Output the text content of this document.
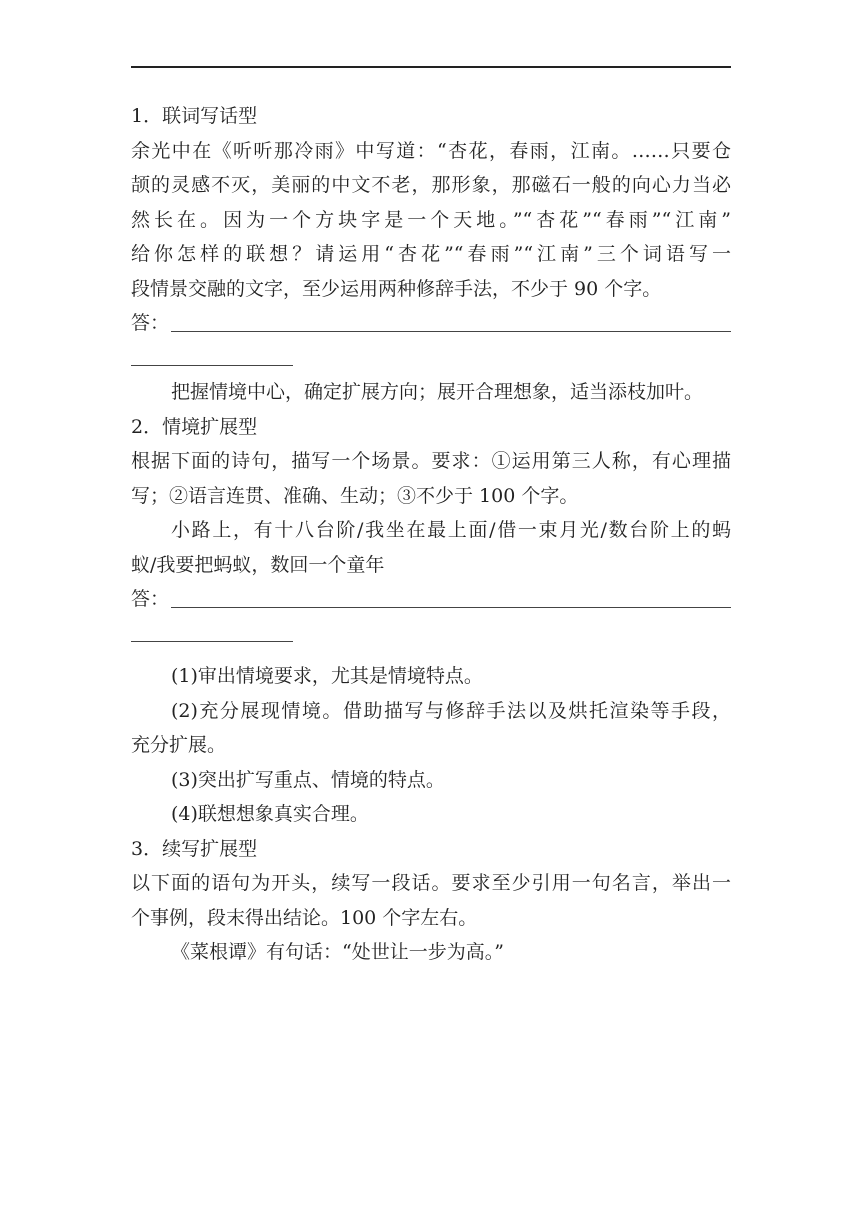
1．联词写话型
余光中在《听听那冷雨》中写道：“杏花，春雨，江南。……只要仓
颉的灵感不灭，美丽的中文不老，那形象，那磁石一般的向心力当必
然长在。因为一个方块字是一个天地。”“杏花”“春雨”“江南”
给你怎样的联想？请运用“杏花”“春雨”“江南”三个词语写一
段情景交融的文字，至少运用两种修辞手法，不少于 90 个字。
答：
把握情境中心，确定扩展方向；展开合理想象，适当添枝加叶。
2．情境扩展型
根据下面的诗句，描写一个场景。要求：①运用第三人称，有心理描
写；②语言连贯、准确、生动；③不少于 100 个字。
小路上，有十八台阶/我坐在最上面/借一束月光/数台阶上的蚂
蚁/我要把蚂蚁，数回一个童年
答：
(1)审出情境要求，尤其是情境特点。
(2)充分展现情境。借助描写与修辞手法以及烘托渲染等手段，
充分扩展。
(3)突出扩写重点、情境的特点。
(4)联想想象真实合理。
3．续写扩展型
以下面的语句为开头，续写一段话。要求至少引用一句名言，举出一
个事例，段末得出结论。100 个字左右。
《菜根谭》有句话：“处世让一步为高。”
